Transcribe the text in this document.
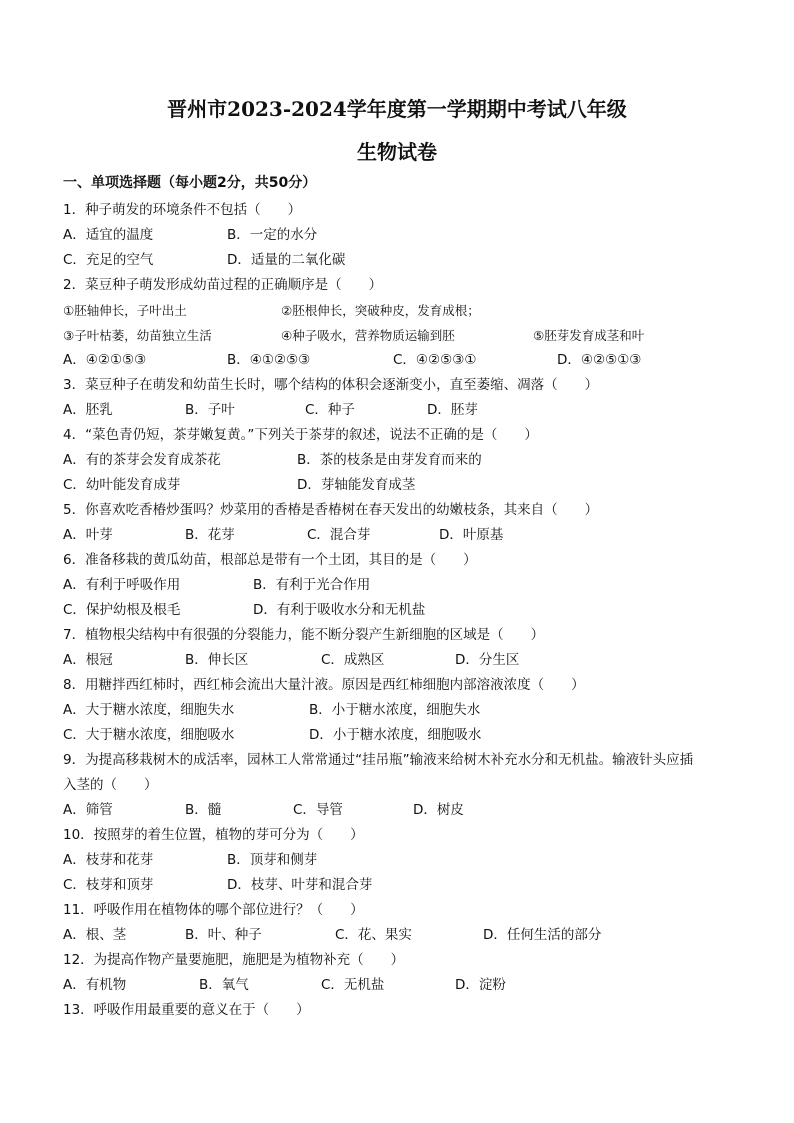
晋州市2023-2024学年度第一学期期中考试八年级
生物试卷
一、单项选择题（每小题2分，共50分）
1．种子萌发的环境条件不包括（　　）
A．适宜的温度	B．一定的水分
C．充足的空气	D．适量的二氧化碳
2．菜豆种子萌发形成幼苗过程的正确顺序是（　　）
①胚轴伸长，子叶出土	②胚根伸长，突破种皮，发育成根；
③子叶枯萎，幼苗独立生活	④种子吸水，营养物质运输到胚	⑤胚芽发育成茎和叶
A．④②①⑤③	B．④①②⑤③	C．④②⑤③①	D．④②⑤①③
3．菜豆种子在萌发和幼苗生长时，哪个结构的体积会逐渐变小，直至萎缩、凋落（　　）
A．胚乳	B．子叶	C．种子	D．胚芽
4．“菜色青仍短，茶芽嫩复黄。”下列关于茶芽的叙述，说法不正确的是（　　）
A．有的茶芽会发育成茶花	B．茶的枝条是由芽发育而来的
C．幼叶能发育成芽	D．芽轴能发育成茎
5．你喜欢吃香椿炒蛋吗？炒菜用的香椿是香椿树在春天发出的幼嫩枝条，其来自（　　）
A．叶芽	B．花芽	C．混合芽	D．叶原基
6．准备移栽的黄瓜幼苗，根部总是带有一个土团，其目的是（　　）
A．有利于呼吸作用	B．有利于光合作用
C．保护幼根及根毛	D．有利于吸收水分和无机盐
7．植物根尖结构中有很强的分裂能力，能不断分裂产生新细胞的区域是（　　）
A．根冠	B．伸长区	C．成熟区	D．分生区
8．用糖拌西红柿时，西红柿会流出大量汁液。原因是西红柿细胞内部溶液浓度（　　）
A．大于糖水浓度，细胞失水	B．小于糖水浓度，细胞失水
C．大于糖水浓度，细胞吸水	D．小于糖水浓度，细胞吸水
9．为提高移栽树木的成活率，园林工人常常通过“挂吊瓶”输液来给树木补充水分和无机盐。输液针头应插
入茎的（　　）
A．筛管	B．髓	C．导管	D．树皮
10．按照芽的着生位置，植物的芽可分为（　　）
A．枝芽和花芽	B．顶芽和侧芽
C．枝芽和顶芽	D．枝芽、叶芽和混合芽
11．呼吸作用在植物体的哪个部位进行？（　　）
A．根、茎	B．叶、种子	C．花、果实	D．任何生活的部分
12．为提高作物产量要施肥，施肥是为植物补充（　　）
A．有机物	B．氧气	C．无机盐	D．淀粉
13．呼吸作用最重要的意义在于（　　）
